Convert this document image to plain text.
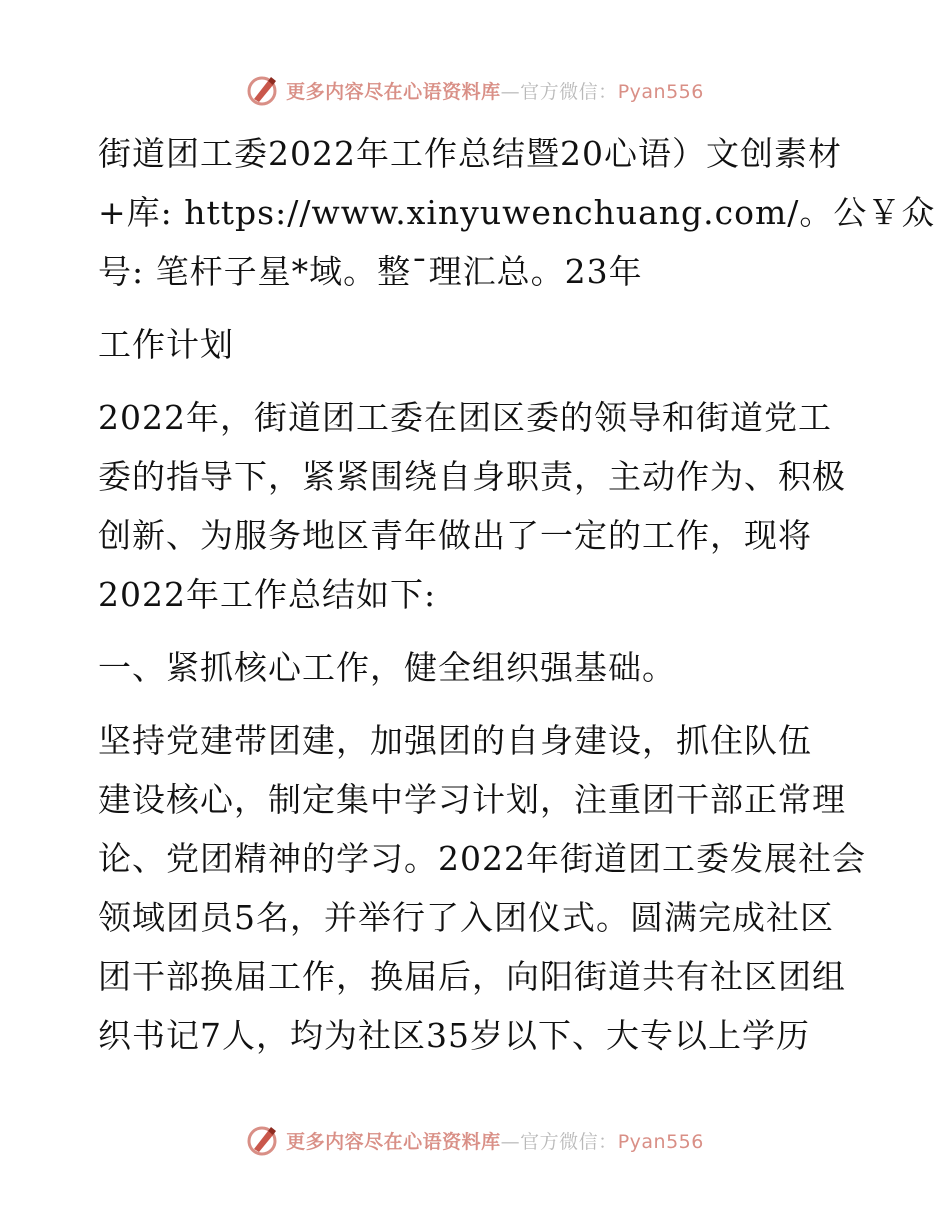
更多内容尽在心语资料库—官方微信：Pyan556
街道团工委2022年工作总结暨20心语）文创素材
+库: https://www.xinyuwenchuang.com/。公￥众
号: 笔杆子星*域。整¯理汇总。23年
工作计划
2022年，街道团工委在团区委的领导和街道党工
委的指导下，紧紧围绕自身职责，主动作为、积极
创新、为服务地区青年做出了一定的工作，现将
2022年工作总结如下:
一、紧抓核心工作，健全组织强基础。
坚持党建带团建，加强团的自身建设，抓住队伍
建设核心，制定集中学习计划，注重团干部正常理
论、党团精神的学习。2022年街道团工委发展社会
领域团员5名，并举行了入团仪式。圆满完成社区
团干部换届工作，换届后，向阳街道共有社区团组
织书记7人，均为社区35岁以下、大专以上学历
更多内容尽在心语资料库—官方微信：Pyan556
